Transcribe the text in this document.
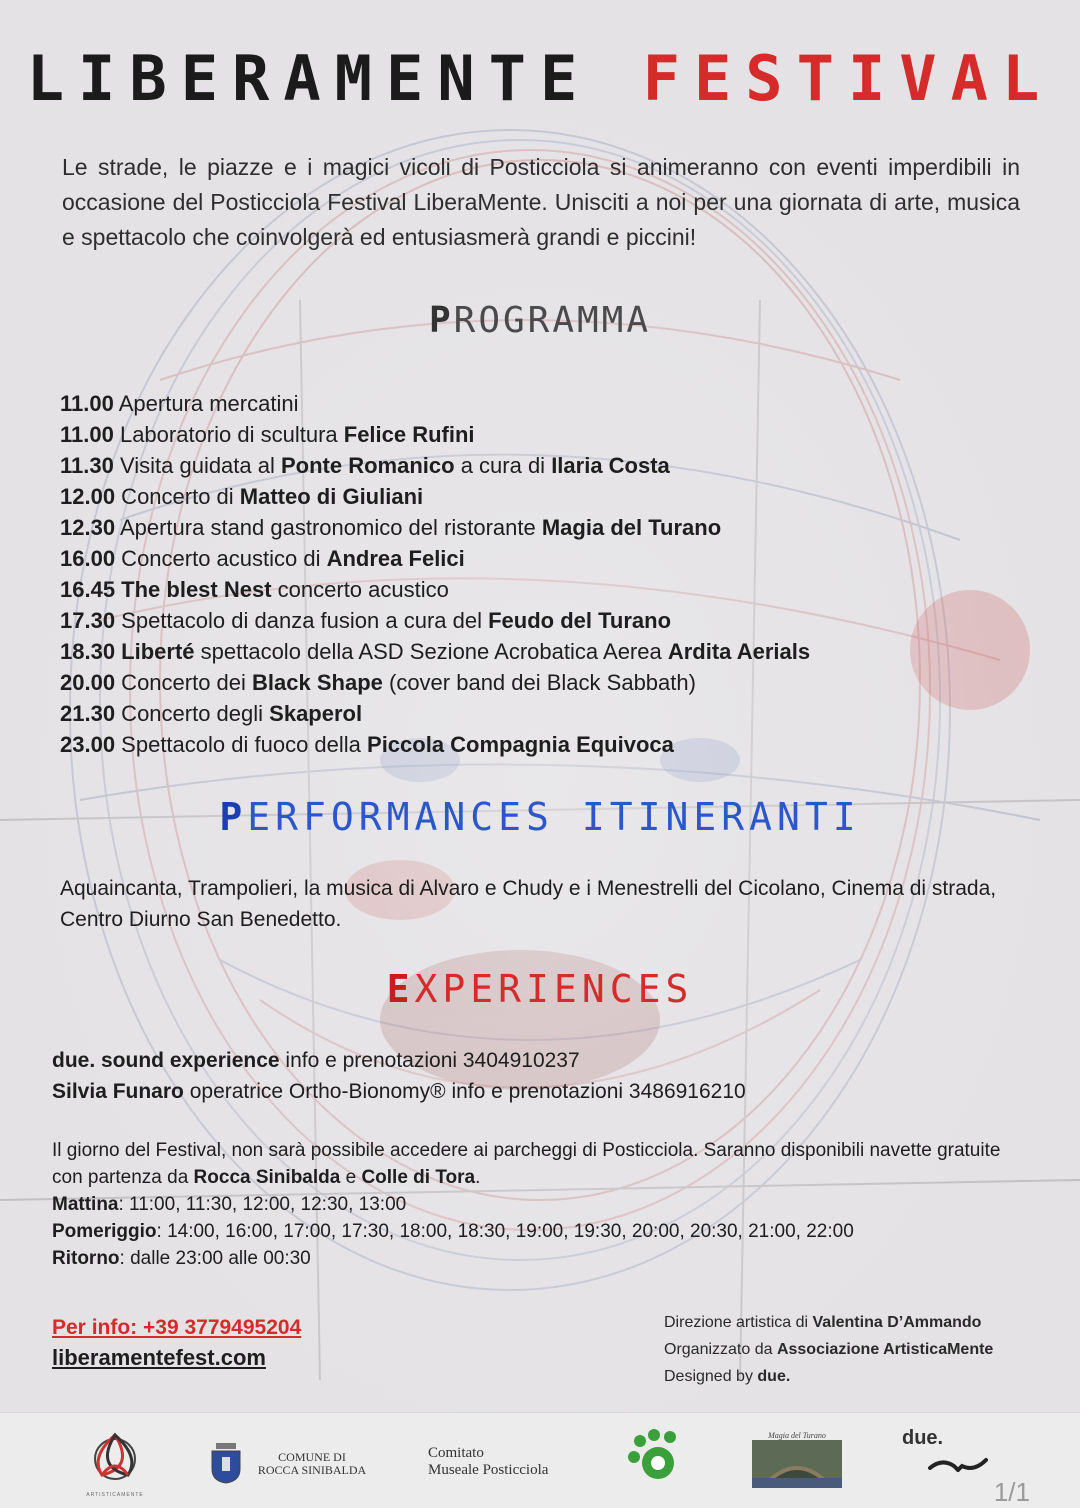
LIBERAMENTE FESTIVAL

Le strade, le piazze e i magici vicoli di Posticciola si animeranno con eventi imperdibili in occasione del Posticciola Festival LiberaMente. Unisciti a noi per una giornata di arte, musica e spettacolo che coinvolgerà ed entusiasmerà grandi e piccini!

PROGRAMMA
11.00 Apertura mercatini
11.00 Laboratorio di scultura Felice Rufini
11.30 Visita guidata al Ponte Romanico a cura di Ilaria Costa
12.00 Concerto di Matteo di Giuliani
12.30 Apertura stand gastronomico del ristorante Magia del Turano
16.00 Concerto acustico di Andrea Felici
16.45 The blest Nest concerto acustico
17.30 Spettacolo di danza fusion a cura del Feudo del Turano
18.30 Liberté spettacolo della ASD Sezione Acrobatica Aerea Ardita Aerials
20.00 Concerto dei Black Shape (cover band dei Black Sabbath)
21.30 Concerto degli Skaperol
23.00 Spettacolo di fuoco della Piccola Compagnia Equivoca
PERFORMANCES ITINERANTI

Aquaincanta, Trampolieri, la musica di Alvaro e Chudy e i Menestrelli del Cicolano, Cinema di strada, Centro Diurno San Benedetto.

EXPERIENCES
due. sound experience info e prenotazioni 3404910237
Silvia Funaro operatrice Ortho-Bionomy® info e prenotazioni 3486916210

Il giorno del Festival, non sarà possibile accedere ai parcheggi di Posticciola. Saranno disponibili navette gratuite con partenza da Rocca Sinibalda e Colle di Tora.

Mattina: 11:00, 11:30, 12:00, 12:30, 13:00

Pomeriggio: 14:00, 16:00, 17:00, 17:30, 18:00, 18:30, 19:00, 19:30, 20:00, 20:30, 21:00, 22:00

Ritorno: dalle 23:00 alle 00:30

Per info: +39 3779495204
liberamentefest.com
Direzione artistica di Valentina D’Ammando
Organizzato da Associazione ArtisticaMente
Designed by due.
ARTISTICAMENTE
COMUNE DI
ROCCA SINIBALDA
Comitato
Museale Posticciola
Magia del Turano	due.
1/1
